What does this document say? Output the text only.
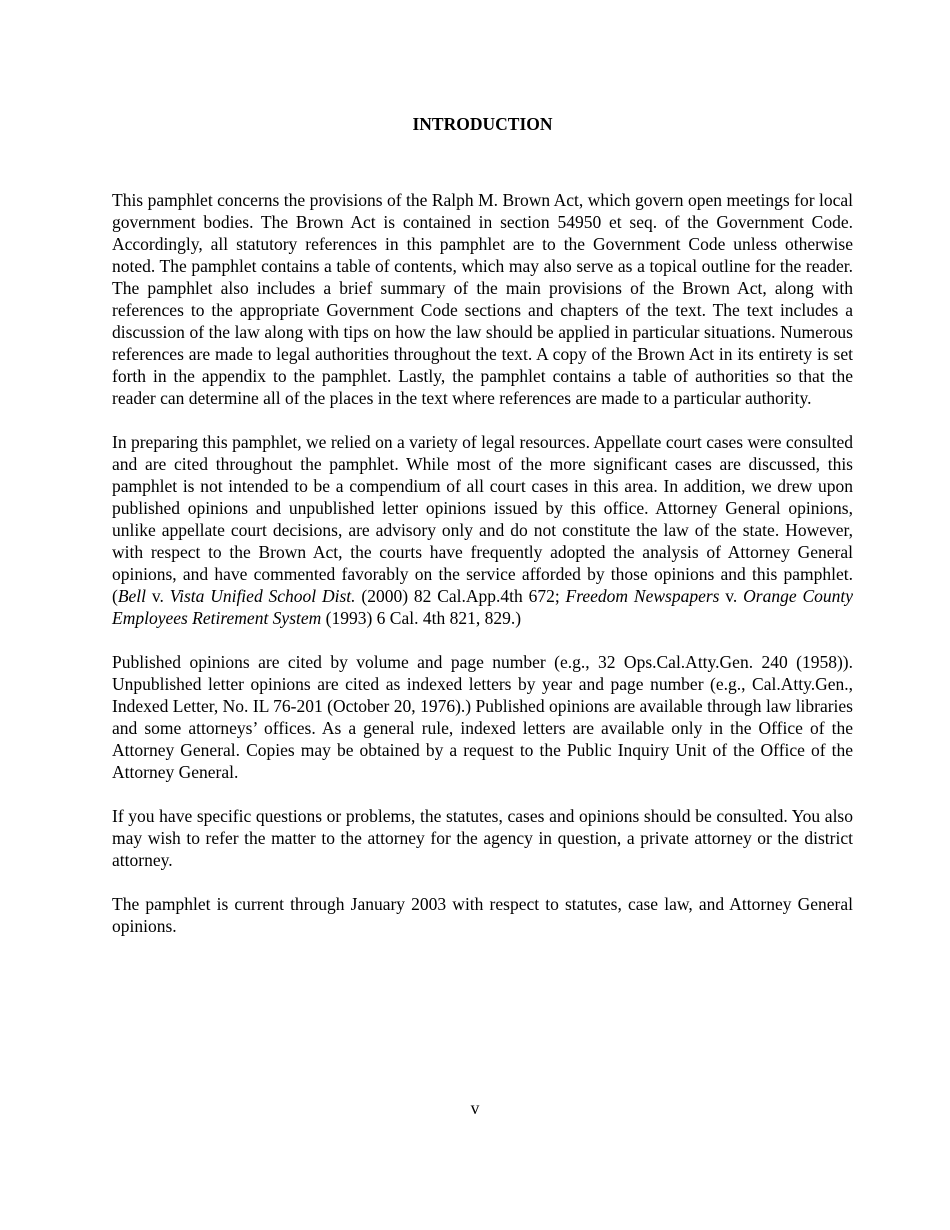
INTRODUCTION

This pamphlet concerns the provisions of the Ralph M. Brown Act, which govern open meetings for local government bodies. The Brown Act is contained in section 54950 et seq. of the Government Code. Accordingly, all statutory references in this pamphlet are to the Government Code unless otherwise noted. The pamphlet contains a table of contents, which may also serve as a topical outline for the reader. The pamphlet also includes a brief summary of the main provisions of the Brown Act, along with references to the appropriate Government Code sections and chapters of the text. The text includes a discussion of the law along with tips on how the law should be applied in particular situations. Numerous references are made to legal authorities throughout the text. A copy of the Brown Act in its entirety is set forth in the appendix to the pamphlet. Lastly, the pamphlet contains a table of authorities so that the reader can determine all of the places in the text where references are made to a particular authority.

In preparing this pamphlet, we relied on a variety of legal resources. Appellate court cases were consulted and are cited throughout the pamphlet. While most of the more significant cases are discussed, this pamphlet is not intended to be a compendium of all court cases in this area. In addition, we drew upon published opinions and unpublished letter opinions issued by this office. Attorney General opinions, unlike appellate court decisions, are advisory only and do not constitute the law of the state. However, with respect to the Brown Act, the courts have frequently adopted the analysis of Attorney General opinions, and have commented favorably on the service afforded by those opinions and this pamphlet. (Bell v. Vista Unified School Dist. (2000) 82 Cal.App.4th 672; Freedom Newspapers v. Orange County Employees Retirement System (1993) 6 Cal. 4th 821, 829.)

Published opinions are cited by volume and page number (e.g., 32 Ops.Cal.Atty.Gen. 240 (1958)). Unpublished letter opinions are cited as indexed letters by year and page number (e.g., Cal.Atty.Gen., Indexed Letter, No. IL 76-201 (October 20, 1976).) Published opinions are available through law libraries and some attorneys’ offices. As a general rule, indexed letters are available only in the Office of the Attorney General. Copies may be obtained by a request to the Public Inquiry Unit of the Office of the Attorney General.

If you have specific questions or problems, the statutes, cases and opinions should be consulted. You also may wish to refer the matter to the attorney for the agency in question, a private attorney or the district attorney.

The pamphlet is current through January 2003 with respect to statutes, case law, and Attorney General opinions.

v
